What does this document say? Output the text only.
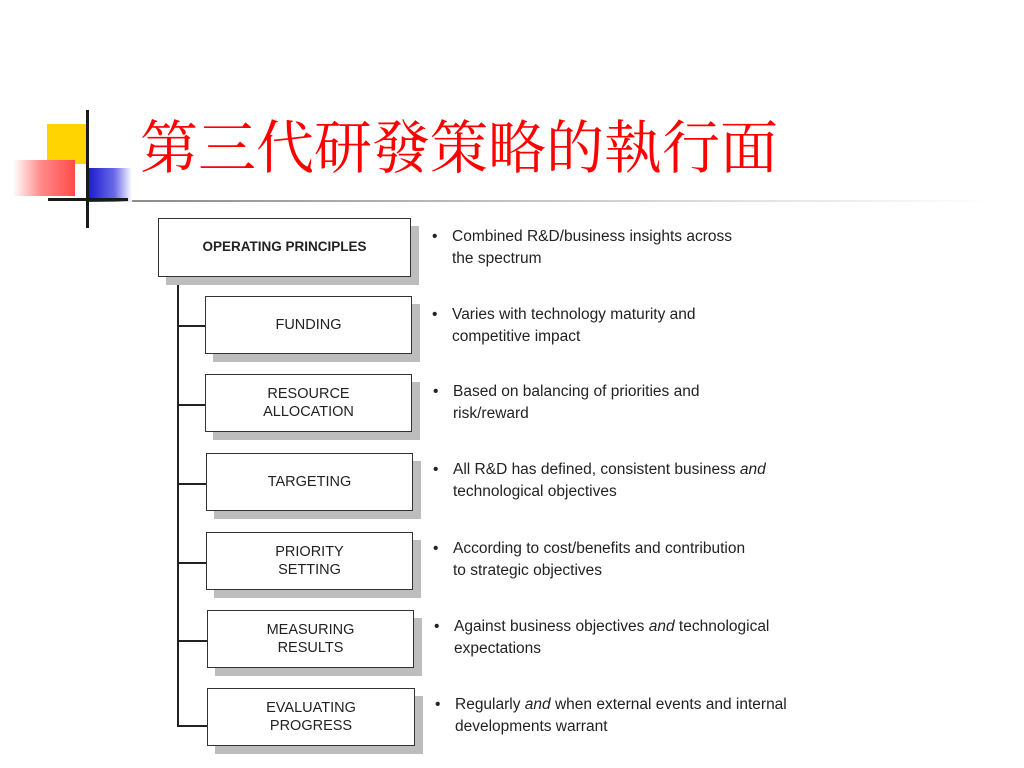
第三代研發策略的執行面
OPERATING PRINCIPLES
• Combined R&D/business insights across
the spectrum
FUNDING
• Varies with technology maturity and
competitive impact
RESOURCE
ALLOCATION
• Based on balancing of priorities and
risk/reward
TARGETING
• All R&D has defined, consistent business and
technological objectives
PRIORITY
SETTING
• According to cost/benefits and contribution
to strategic objectives
MEASURING
RESULTS
• Against business objectives and technological
expectations
EVALUATING
PROGRESS
• Regularly and when external events and internal
developments warrant
